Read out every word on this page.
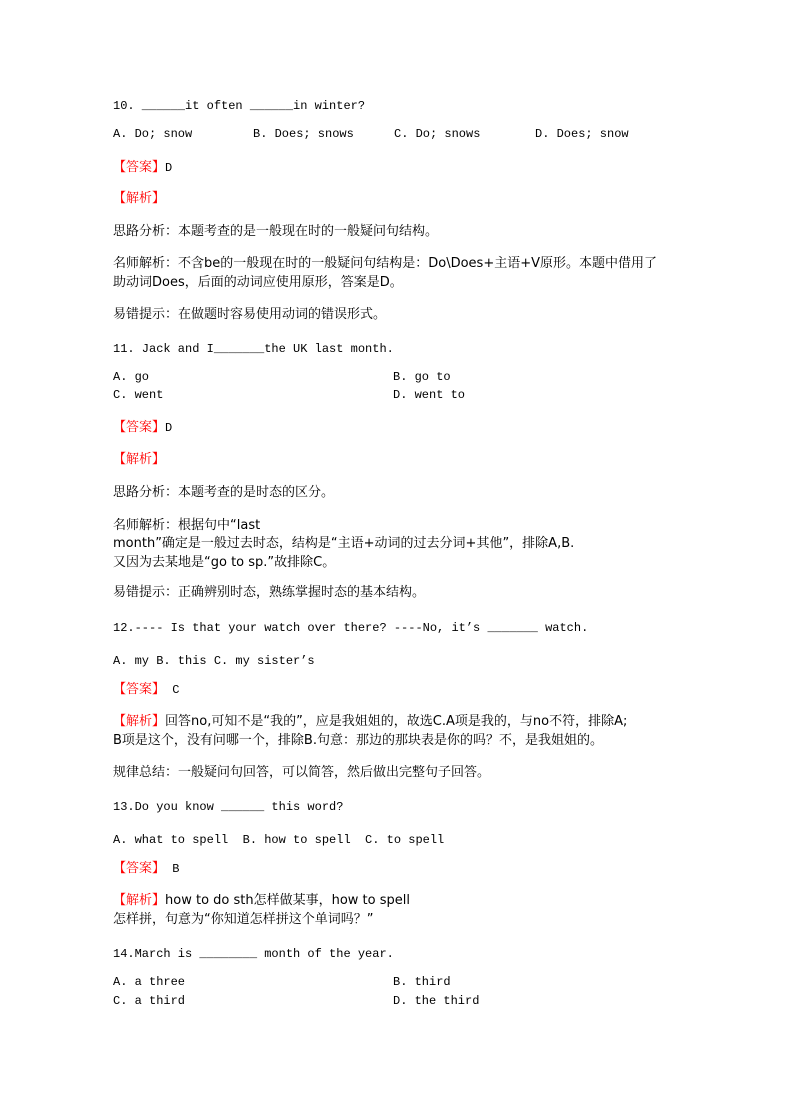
10. ______it often ______in winter?
A. Do; snow	B. Does; snows	C. Do; snows	D. Does; snow
【答案】D
【解析】
思路分析：本题考查的是一般现在时的一般疑问句结构。
名师解析：不含be的一般现在时的一般疑问句结构是：Do\Does+主语+V原形。本题中借用了
助动词Does，后面的动词应使用原形，答案是D。
易错提示：在做题时容易使用动词的错误形式。
11. Jack and I_______the UK last month.
A. go	B. go to
C. went	D. went to
【答案】D
【解析】
思路分析：本题考查的是时态的区分。
名师解析：根据句中“last
month”确定是一般过去时态，结构是“主语+动词的过去分词+其他”，排除A,B.
又因为去某地是“go to sp.”故排除C。
易错提示：正确辨别时态，熟练掌握时态的基本结构。
12.---- Is that your watch over there? ----No, it’s _______ watch.
A. my B. this C. my sister’s
【答案】 C
【解析】回答no,可知不是“我的”，应是我姐姐的，故选C.A项是我的，与no不符，排除A;
B项是这个，没有问哪一个，排除B.句意：那边的那块表是你的吗？不，是我姐姐的。
规律总结：一般疑问句回答，可以简答，然后做出完整句子回答。
13.Do you know ______ this word?
A. what to spell  B. how to spell  C. to spell
【答案】 B
【解析】how to do sth怎样做某事，how to spell
怎样拼，句意为“你知道怎样拼这个单词吗？”
14.March is ________ month of the year.
A. a three	B. third
C. a third	D. the third
